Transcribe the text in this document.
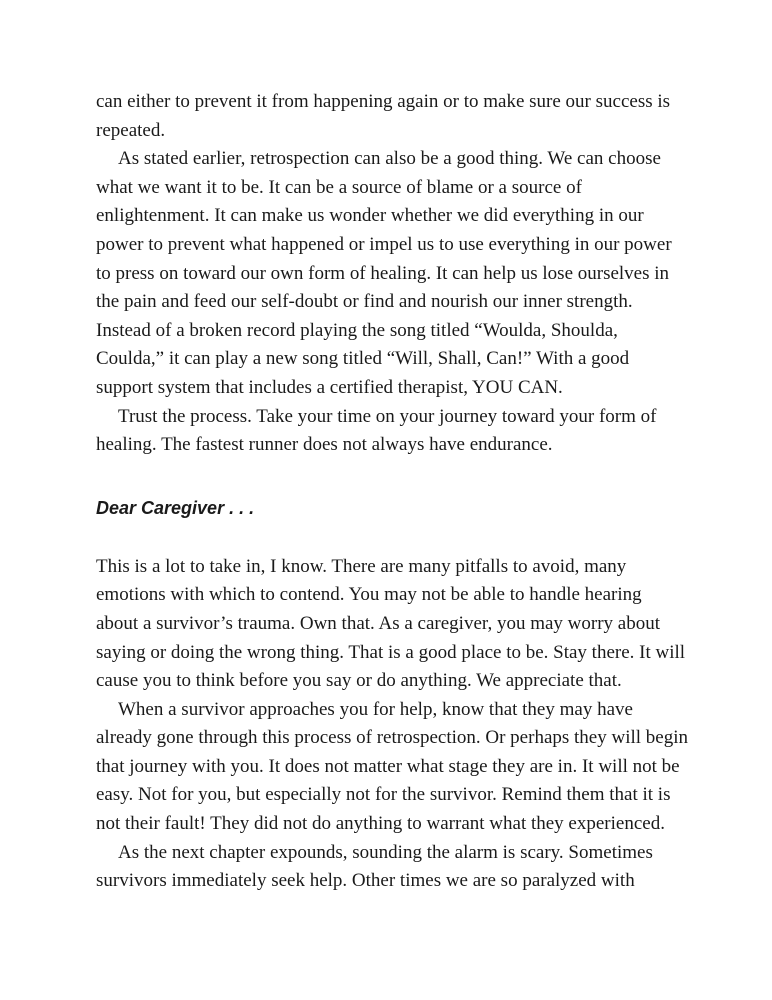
can either to prevent it from happening again or to make sure our success is repeated.

As stated earlier, retrospection can also be a good thing. We can choose what we want it to be. It can be a source of blame or a source of enlightenment. It can make us wonder whether we did everything in our power to prevent what happened or impel us to use everything in our power to press on toward our own form of healing. It can help us lose ourselves in the pain and feed our self-doubt or find and nourish our inner strength. Instead of a broken record playing the song titled “Woulda, Shoulda, Coulda,” it can play a new song titled “Will, Shall, Can!” With a good support system that includes a certified therapist, YOU CAN.

Trust the process. Take your time on your journey toward your form of healing. The fastest runner does not always have endurance.

Dear Caregiver . . .

This is a lot to take in, I know. There are many pitfalls to avoid, many emotions with which to contend. You may not be able to handle hearing about a survivor’s trauma. Own that. As a caregiver, you may worry about saying or doing the wrong thing. That is a good place to be. Stay there. It will cause you to think before you say or do anything. We appreciate that.

When a survivor approaches you for help, know that they may have already gone through this process of retrospection. Or perhaps they will begin that journey with you. It does not matter what stage they are in. It will not be easy. Not for you, but especially not for the survivor. Remind them that it is not their fault! They did not do anything to warrant what they experienced.

As the next chapter expounds, sounding the alarm is scary. Sometimes survivors immediately seek help. Other times we are so paralyzed with
